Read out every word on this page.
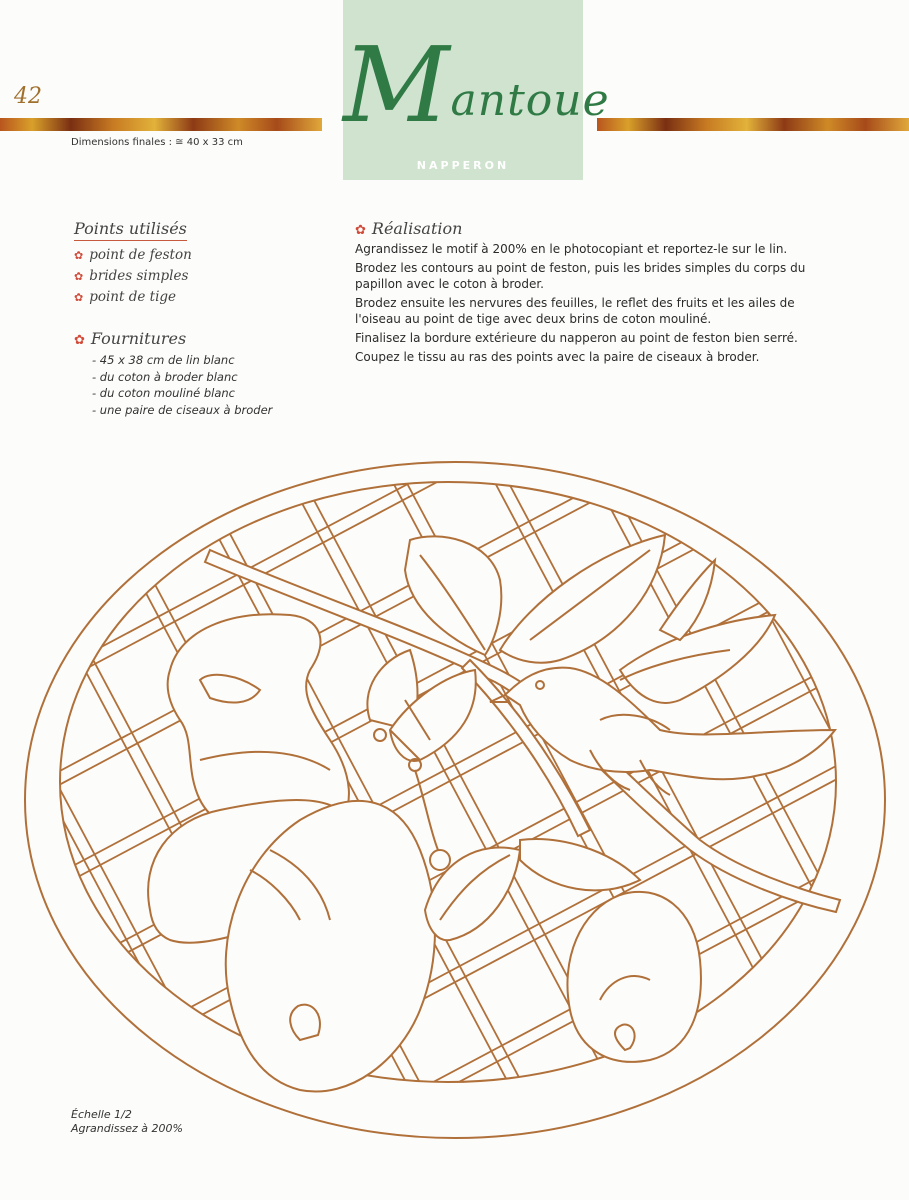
42	Mantoue
NAPPERON
Dimensions finales : ≅ 40 x 33 cm
Points utilisés
✿ point de feston
✿ brides simples
✿ point de tige
✿ Fournitures
- 45 x 38 cm de lin blanc
- du coton à broder blanc
- du coton mouliné blanc
- une paire de ciseaux à broder
✿ Réalisation

Agrandissez le motif à 200% en le photocopiant et reportez-le sur le lin.

Brodez les contours au point de feston, puis les brides simples du corps du papillon avec le coton à broder.

Brodez ensuite les nervures des feuilles, le reflet des fruits et les ailes de l'oiseau au point de tige avec deux brins de coton mouliné.

Finalisez la bordure extérieure du napperon au point de feston bien serré.

Coupez le tissu au ras des points avec la paire de ciseaux à broder.

Échelle 1/2
Agrandissez à 200%
